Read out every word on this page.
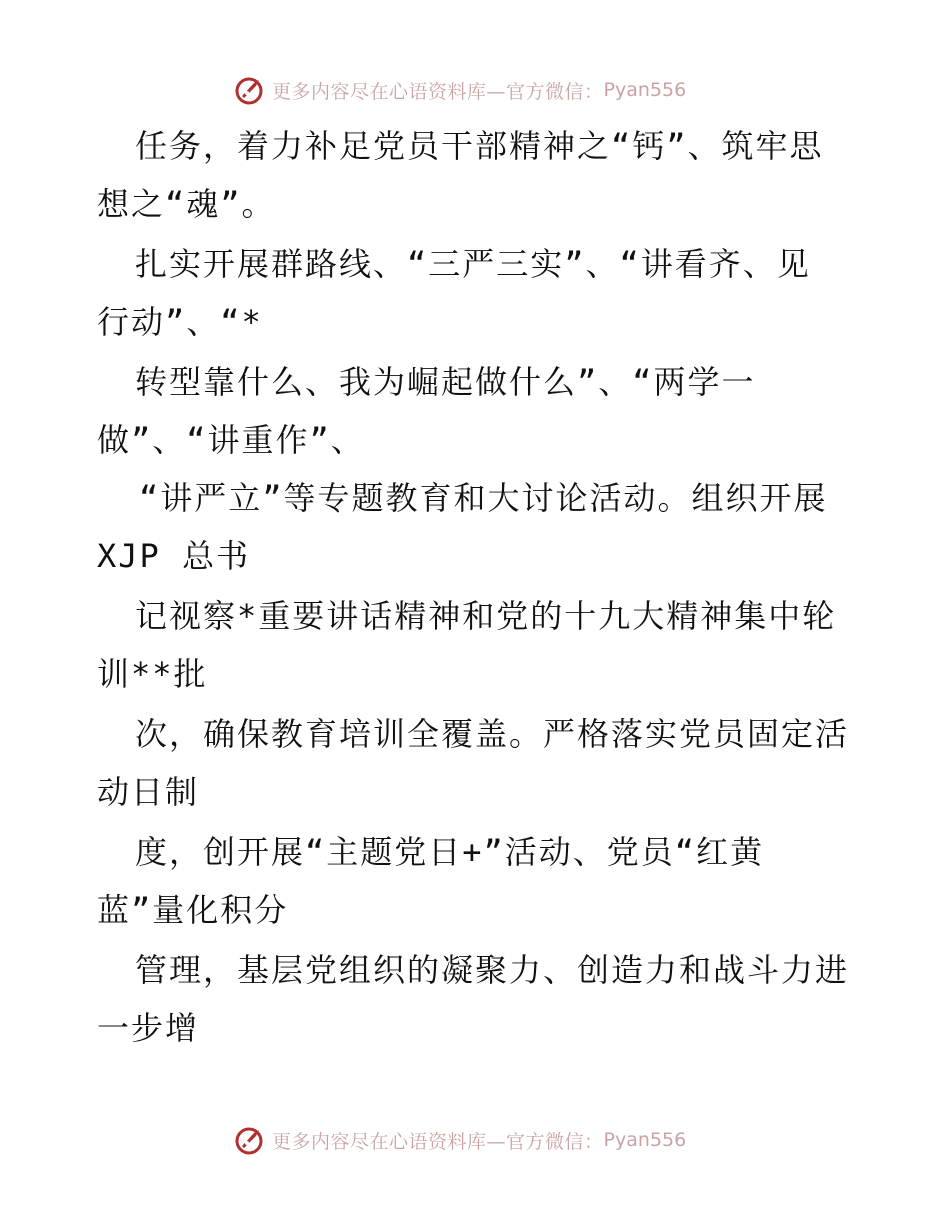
更多内容尽在心语资料库—官方微信： Pyan556
任务，着力补足党员干部精神之“钙”、筑牢思
想之“魂”。
扎实开展群路线、“三严三实”、“讲看齐、见
行动”、“*
转型靠什么、我为崛起做什么”、“两学一
做”、“讲重作”、
“讲严立”等专题教育和大讨论活动。组织开展
XJP 总书
记视察*重要讲话精神和党的十九大精神集中轮
训**批
次，确保教育培训全覆盖。严格落实党员固定活
动日制
度，创开展“主题党日+”活动、党员“红黄
蓝”量化积分
管理，基层党组织的凝聚力、创造力和战斗力进
一步增
更多内容尽在心语资料库—官方微信： Pyan556
